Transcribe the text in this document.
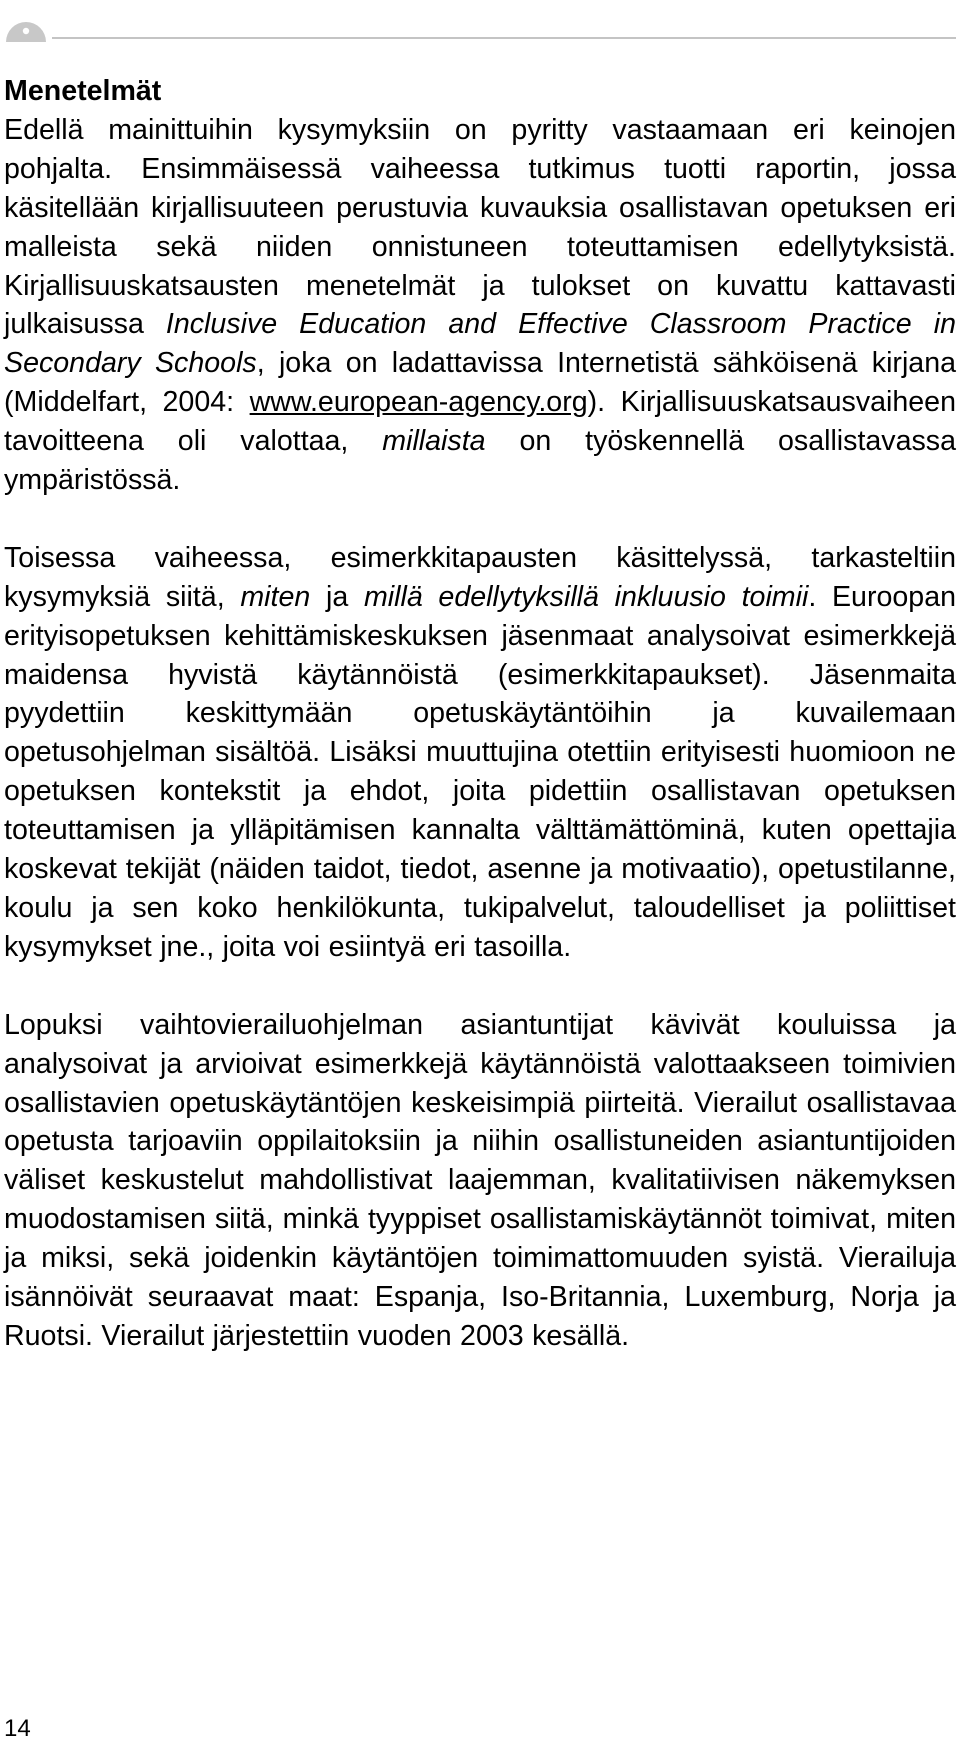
Menetelmät

Edellä mainittuihin kysymyksiin on pyritty vastaamaan eri keinojen pohjalta. Ensimmäisessä vaiheessa tutkimus tuotti raportin, jossa käsitellään kirjallisuuteen perustuvia kuvauksia osallistavan opetuksen eri malleista sekä niiden onnistuneen toteuttamisen edellytyksistä. Kirjallisuuskatsausten menetelmät ja tulokset on kuvattu kattavasti julkaisussa Inclusive Education and Effective Classroom Practice in Secondary Schools, joka on ladattavissa Internetistä sähköisenä kirjana (Middelfart, 2004: www.european-agency.org). Kirjallisuuskatsausvaiheen tavoitteena oli valottaa, millaista on työskennellä osallistavassa ympäristössä.

Toisessa vaiheessa, esimerkkitapausten käsittelyssä, tarkasteltiin kysymyksiä siitä, miten ja millä edellytyksillä inkluusio toimii. Euroopan erityisopetuksen kehittämiskeskuksen jäsenmaat analysoivat esimerkkejä maidensa hyvistä käytännöistä (esimerkkitapaukset). Jäsenmaita pyydettiin keskittymään opetuskäytäntöihin ja kuvailemaan opetusohjelman sisältöä. Lisäksi muuttujina otettiin erityisesti huomioon ne opetuksen kontekstit ja ehdot, joita pidettiin osallistavan opetuksen toteuttamisen ja ylläpitämisen kannalta välttämättöminä, kuten opettajia koskevat tekijät (näiden taidot, tiedot, asenne ja motivaatio), opetustilanne, koulu ja sen koko henkilökunta, tukipalvelut, taloudelliset ja poliittiset kysymykset jne., joita voi esiintyä eri tasoilla.

Lopuksi vaihtovierailuohjelman asiantuntijat kävivät kouluissa ja analysoivat ja arvioivat esimerkkejä käytännöistä valottaakseen toimivien osallistavien opetuskäytäntöjen keskeisimpiä piirteitä. Vierailut osallistavaa opetusta tarjoaviin oppilaitoksiin ja niihin osallistuneiden asiantuntijoiden väliset keskustelut mahdollistivat laajemman, kvalitatiivisen näkemyksen muodostamisen siitä, minkä tyyppiset osallistamiskäytännöt toimivat, miten ja miksi, sekä joidenkin käytäntöjen toimimattomuuden syistä. Vierailuja isännöivät seuraavat maat: Espanja, Iso-Britannia, Luxemburg, Norja ja Ruotsi. Vierailut järjestettiin vuoden 2003 kesällä.

14
